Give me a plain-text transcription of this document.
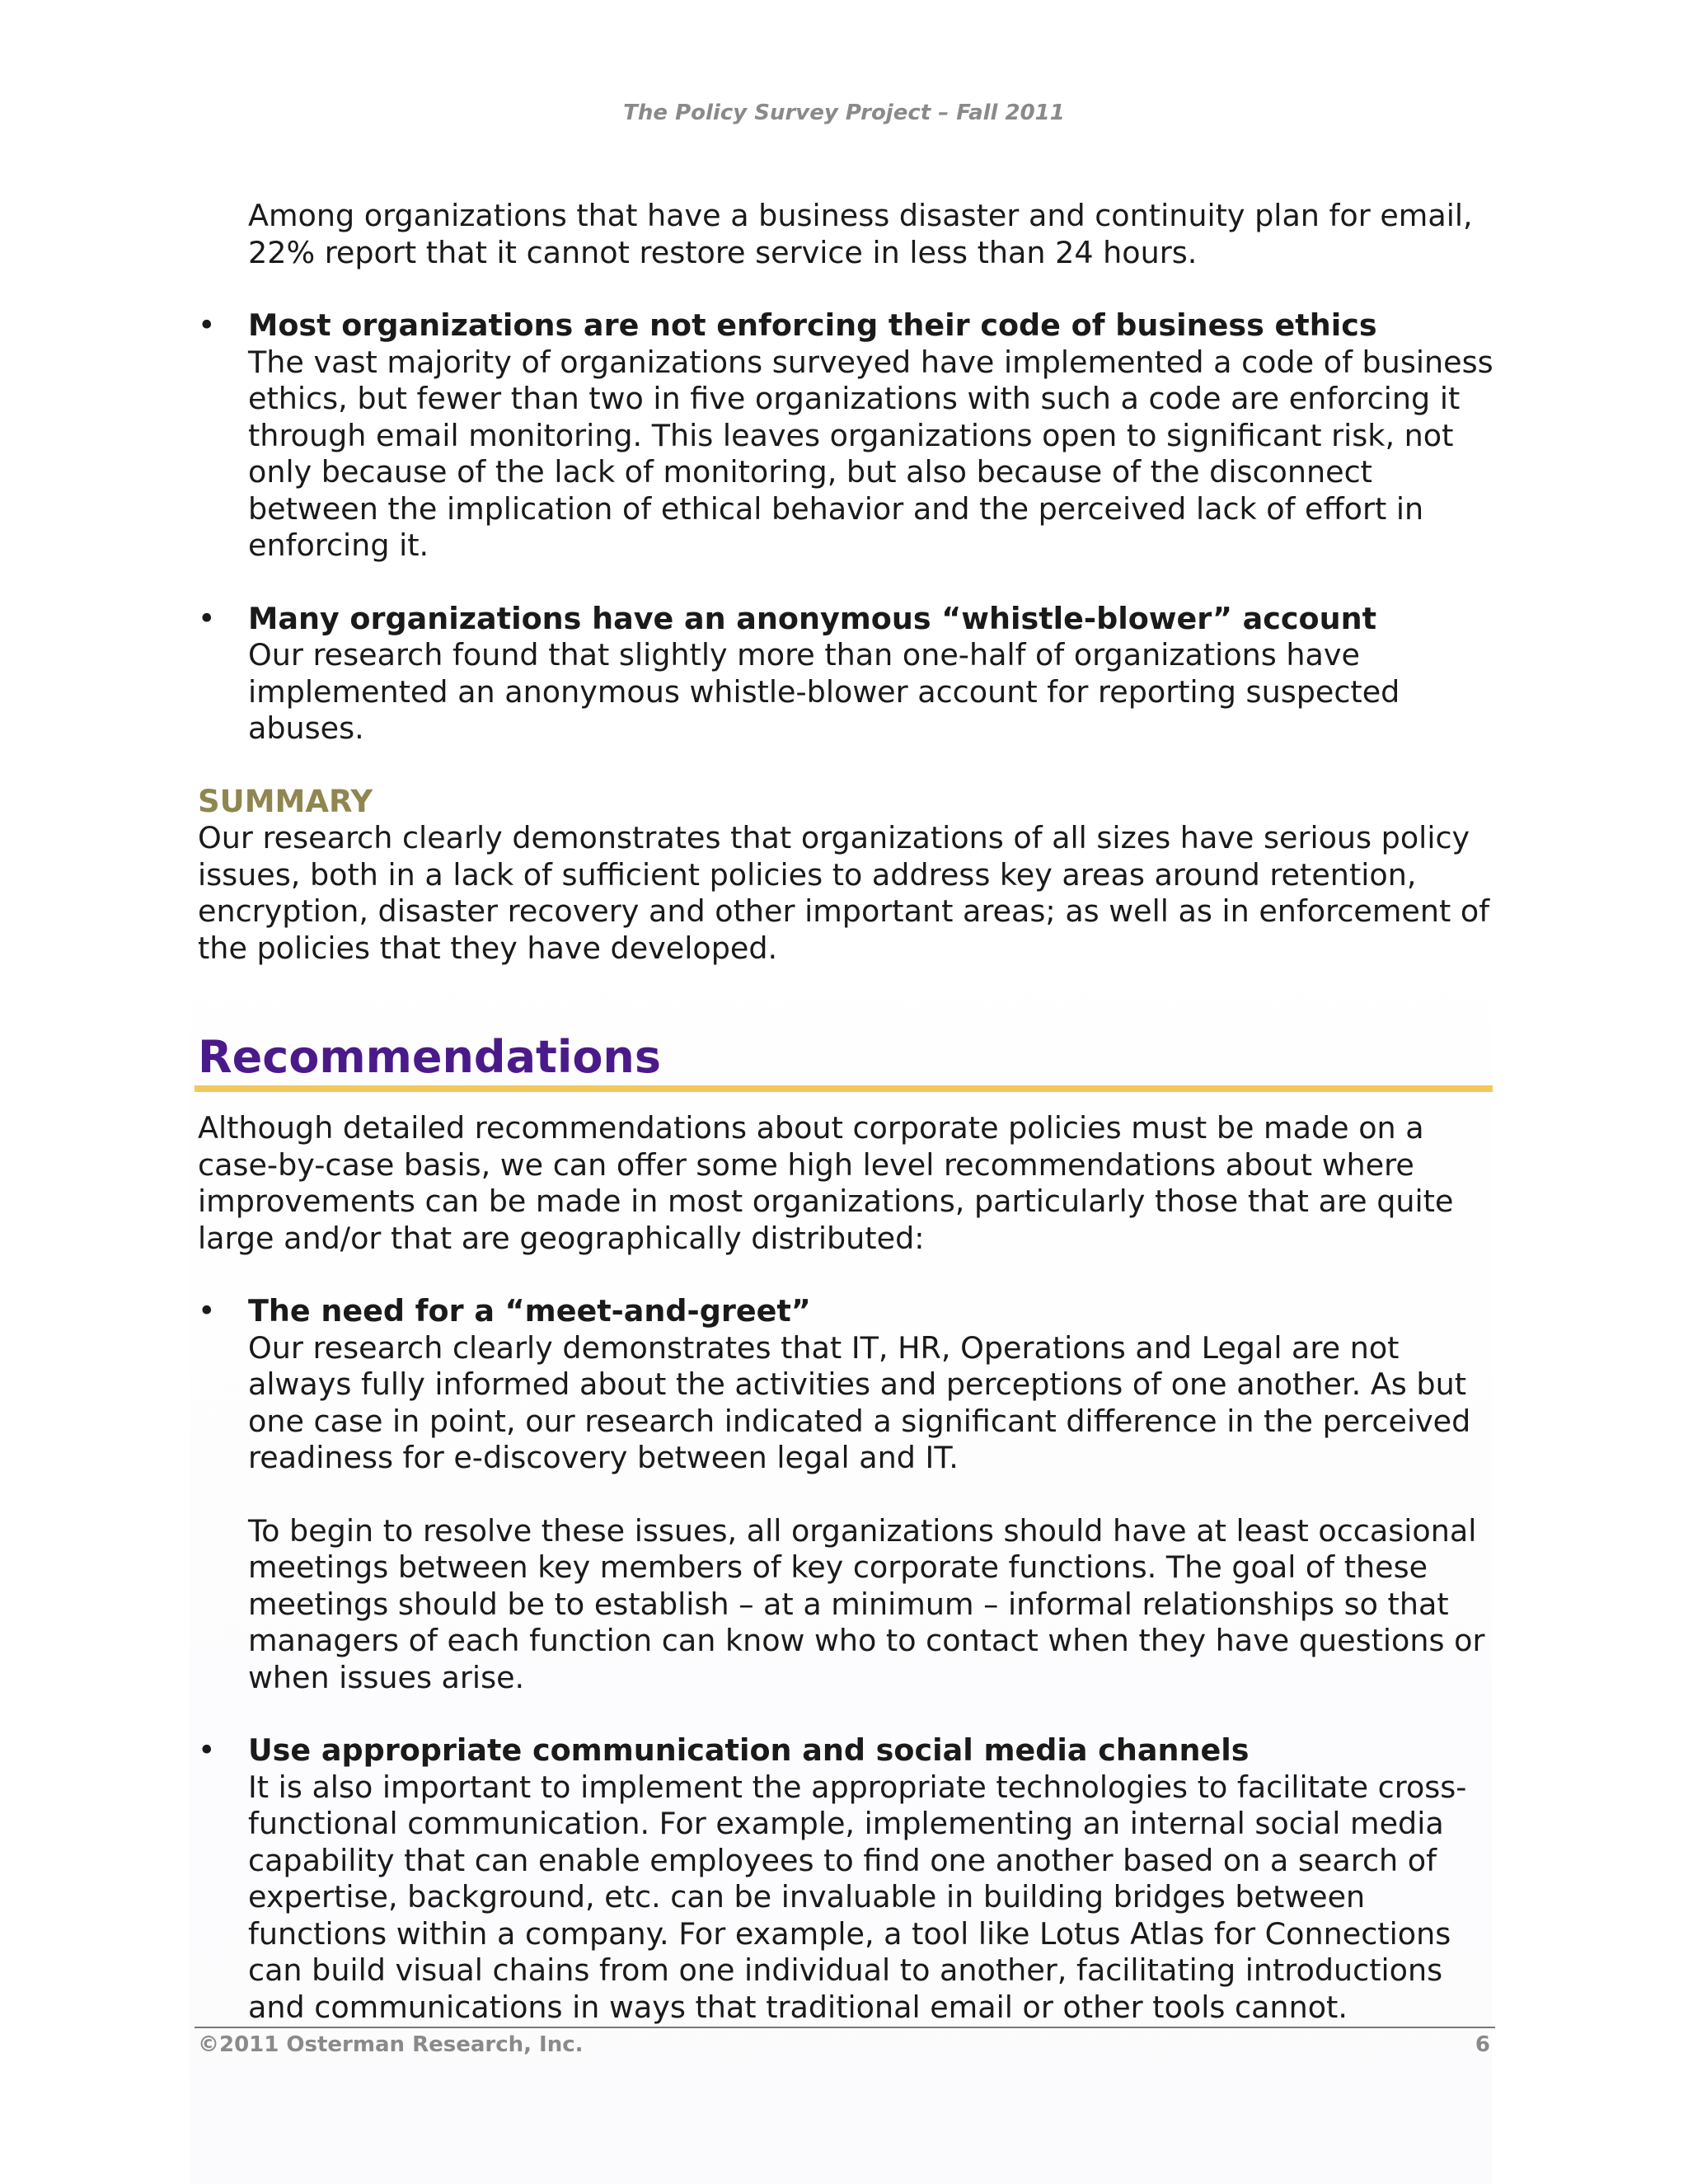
The Policy Survey Project – Fall 2011

Among organizations that have a business disaster and continuity plan for email, 22% report that it cannot restore service in less than 24 hours.

• Most organizations are not enforcing their code of business ethics

The vast majority of organizations surveyed have implemented a code of business ethics, but fewer than two in five organizations with such a code are enforcing it through email monitoring. This leaves organizations open to significant risk, not only because of the lack of monitoring, but also because of the disconnect between the implication of ethical behavior and the perceived lack of effort in enforcing it.

• Many organizations have an anonymous “whistle-blower” account

Our research found that slightly more than one-half of organizations have implemented an anonymous whistle-blower account for reporting suspected abuses.

SUMMARY

Our research clearly demonstrates that organizations of all sizes have serious policy issues, both in a lack of sufficient policies to address key areas around retention, encryption, disaster recovery and other important areas; as well as in enforcement of the policies that they have developed.

Recommendations

Although detailed recommendations about corporate policies must be made on a case-by-case basis, we can offer some high level recommendations about where improvements can be made in most organizations, particularly those that are quite large and/or that are geographically distributed:

• The need for a “meet-and-greet”

Our research clearly demonstrates that IT, HR, Operations and Legal are not always fully informed about the activities and perceptions of one another. As but one case in point, our research indicated a significant difference in the perceived readiness for e-discovery between legal and IT.

To begin to resolve these issues, all organizations should have at least occasional meetings between key members of key corporate functions. The goal of these meetings should be to establish – at a minimum – informal relationships so that managers of each function can know who to contact when they have questions or when issues arise.

• Use appropriate communication and social media channels

It is also important to implement the appropriate technologies to facilitate cross-functional communication. For example, implementing an internal social media capability that can enable employees to find one another based on a search of expertise, background, etc. can be invaluable in building bridges between functions within a company. For example, a tool like Lotus Atlas for Connections can build visual chains from one individual to another, facilitating introductions and communications in ways that traditional email or other tools cannot.

©2011 Osterman Research, Inc.	6
